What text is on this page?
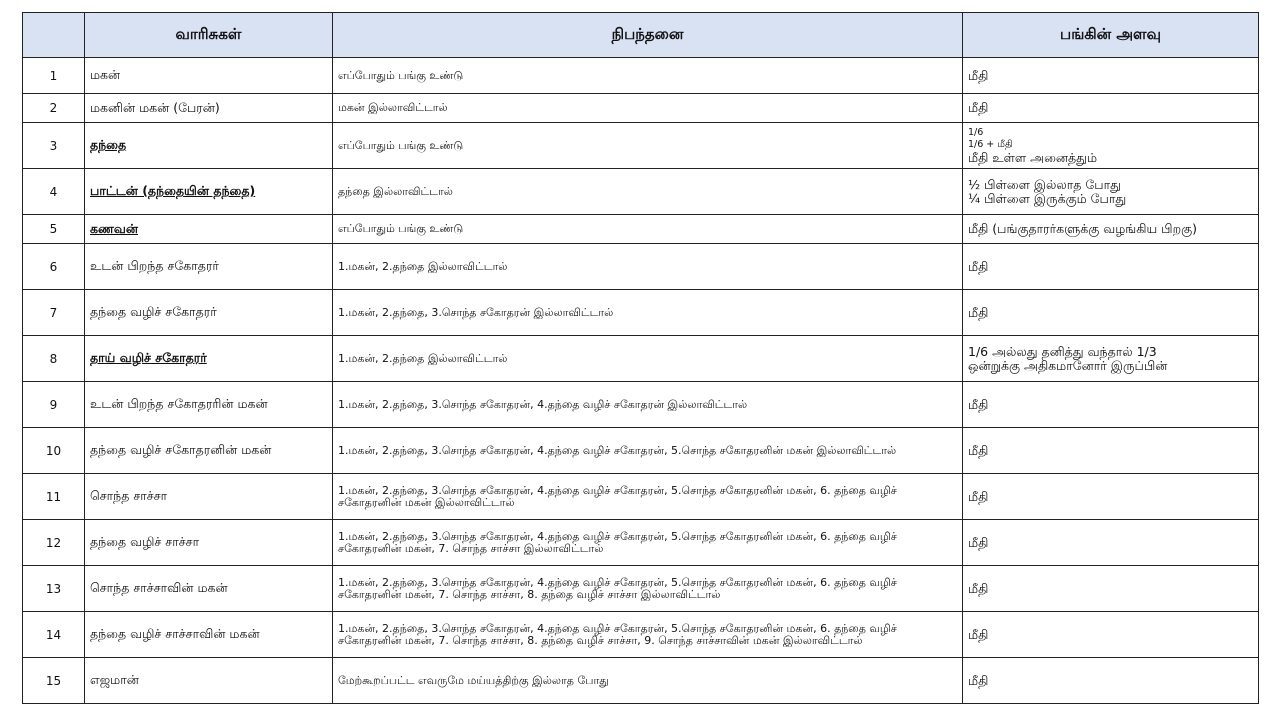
	வாரிசுகள்	நிபந்தனை	பங்கின் அளவு
1	மகன்	எப்போதும் பங்கு உண்டு	மீதி

2	மகனின் மகன் (பேரன்)	மகன் இல்லாவிட்டால்	மீதி

3	தந்தை	எப்போதும் பங்கு உண்டு	1/6
1/6 + மீதி
மீதி உள்ள அனைத்தும்

4	பாட்டன் (தந்தையின் தந்தை)	தந்தை இல்லாவிட்டால்	½ பிள்ளை இல்லாத போது
¼ பிள்ளை இருக்கும் போது

5	கணவன்	எப்போதும் பங்கு உண்டு	மீதி (பங்குதாரர்களுக்கு வழங்கிய பிறகு)

6	உடன் பிறந்த சகோதரர்	1.மகன், 2.தந்தை இல்லாவிட்டால்	மீதி

7	தந்தை வழிச் சகோதரர்	1.மகன், 2.தந்தை, 3.சொந்த சகோதரன் இல்லாவிட்டால்	மீதி

8	தாய் வழிச் சகோதரர்	1.மகன், 2.தந்தை இல்லாவிட்டால்	1/6 அல்லது தனித்து வந்தால் 1/3
ஒன்றுக்கு அதிகமானோர் இருப்பின்

9	உடன் பிறந்த சகோதரரின் மகன்	1.மகன், 2.தந்தை, 3.சொந்த சகோதரன், 4.தந்தை வழிச் சகோதரன் இல்லாவிட்டால்	மீதி

10	தந்தை வழிச் சகோதரனின் மகன்	1.மகன், 2.தந்தை, 3.சொந்த சகோதரன், 4.தந்தை வழிச் சகோதரன், 5.சொந்த சகோதரனின் மகன் இல்லாவிட்டால்	மீதி

11	சொந்த சாச்சா	1.மகன், 2.தந்தை, 3.சொந்த சகோதரன், 4.தந்தை வழிச் சகோதரன், 5.சொந்த சகோதரனின் மகன், 6. தந்தை வழிச் சகோதரனின் மகன் இல்லாவிட்டால்	மீதி

12	தந்தை வழிச் சாச்சா	1.மகன், 2.தந்தை, 3.சொந்த சகோதரன், 4.தந்தை வழிச் சகோதரன், 5.சொந்த சகோதரனின் மகன், 6. தந்தை வழிச் சகோதரனின் மகன், 7. சொந்த சாச்சா இல்லாவிட்டால்	மீதி

13	சொந்த சாச்சாவின் மகன்	1.மகன், 2.தந்தை, 3.சொந்த சகோதரன், 4.தந்தை வழிச் சகோதரன், 5.சொந்த சகோதரனின் மகன், 6. தந்தை வழிச் சகோதரனின் மகன், 7. சொந்த சாச்சா, 8. தந்தை வழிச் சாச்சா இல்லாவிட்டால்	மீதி

14	தந்தை வழிச் சாச்சாவின் மகன்	1.மகன், 2.தந்தை, 3.சொந்த சகோதரன், 4.தந்தை வழிச் சகோதரன், 5.சொந்த சகோதரனின் மகன், 6. தந்தை வழிச் சகோதரனின் மகன், 7. சொந்த சாச்சா, 8. தந்தை வழிச் சாச்சா, 9. சொந்த சாச்சாவின் மகன் இல்லாவிட்டால்	மீதி

15	எஜமான்	மேற்கூறப்பட்ட எவருமே மய்யத்திற்கு இல்லாத போது	மீதி
